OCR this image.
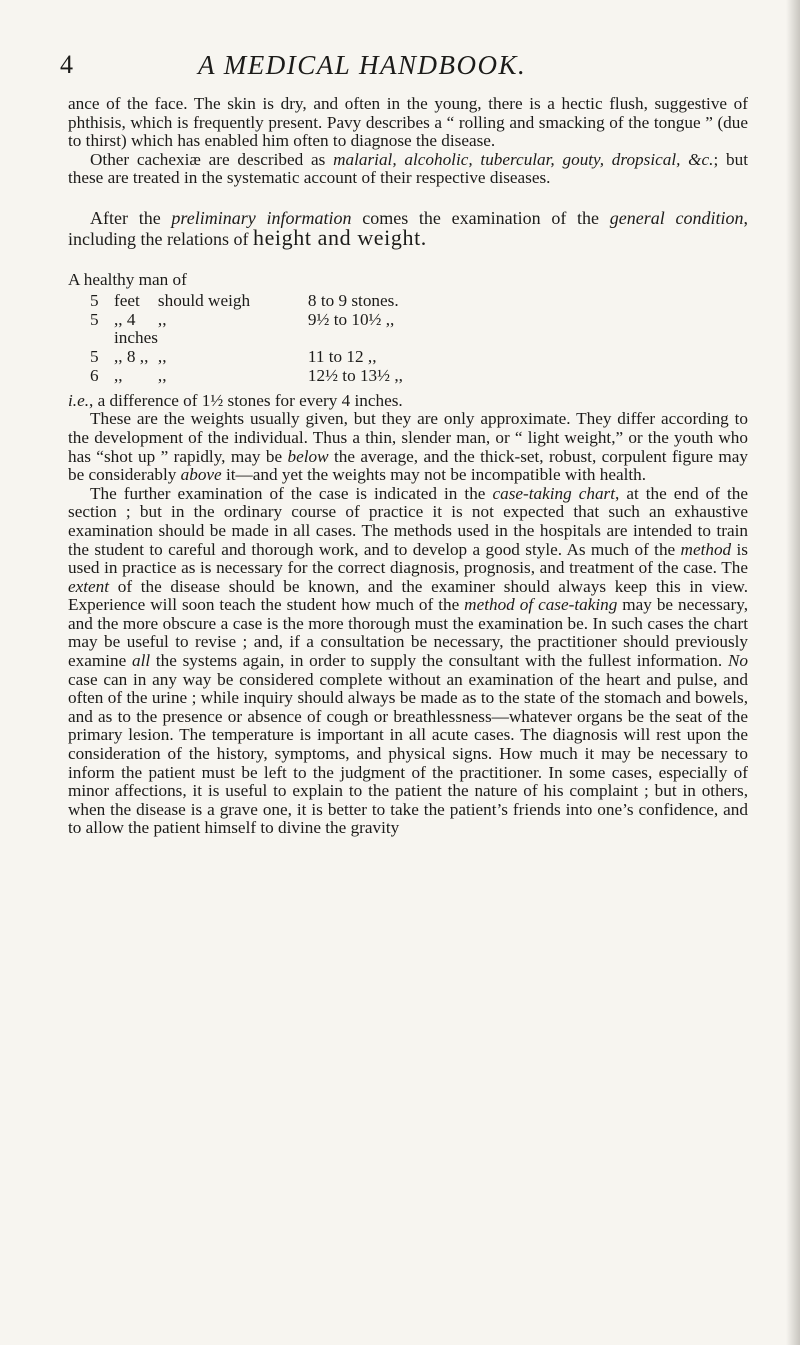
4	A MEDICAL HANDBOOK.

ance of the face. The skin is dry, and often in the young, there is a hectic flush, suggestive of phthisis, which is frequently present. Pavy describes a “ rolling and smacking of the tongue ” (due to thirst) which has enabled him often to diagnose the disease.

Other cachexiæ are described as malarial, alcoholic, tubercular, gouty, dropsical, &c.; but these are treated in the systematic account of their respective diseases.

After the preliminary information comes the examination of the general condition, including the relations of height and weight.

A healthy man of

5	feet	should weigh	8 to 9 stones.
5	,, 4 inches	,,	9½ to 10½ ,,
5	,, 8 ,,	,,	11 to 12 ,,
6	,,	,,	12½ to 13½ ,,

i.e., a difference of 1½ stones for every 4 inches.

These are the weights usually given, but they are only approximate. They differ according to the development of the individual. Thus a thin, slender man, or “ light weight,” or the youth who has “shot up ” rapidly, may be below the average, and the thick-set, robust, corpulent figure may be considerably above it—and yet the weights may not be incompatible with health.

The further examination of the case is indicated in the case-taking chart, at the end of the section ; but in the ordinary course of practice it is not expected that such an exhaustive examination should be made in all cases. The methods used in the hospitals are intended to train the student to careful and thorough work, and to develop a good style. As much of the method is used in practice as is necessary for the correct diagnosis, prognosis, and treatment of the case. The extent of the disease should be known, and the examiner should always keep this in view. Experience will soon teach the student how much of the method of case-taking may be necessary, and the more obscure a case is the more thorough must the examination be. In such cases the chart may be useful to revise ; and, if a consultation be necessary, the practitioner should previously examine all the systems again, in order to supply the consultant with the fullest information. No case can in any way be considered complete without an examination of the heart and pulse, and often of the urine ; while inquiry should always be made as to the state of the stomach and bowels, and as to the presence or absence of cough or breathlessness—whatever organs be the seat of the primary lesion. The temperature is important in all acute cases. The diagnosis will rest upon the consideration of the history, symptoms, and physical signs. How much it may be necessary to inform the patient must be left to the judgment of the practitioner. In some cases, especially of minor affections, it is useful to explain to the patient the nature of his complaint ; but in others, when the disease is a grave one, it is better to take the patient’s friends into one’s confidence, and to allow the patient himself to divine the gravity
